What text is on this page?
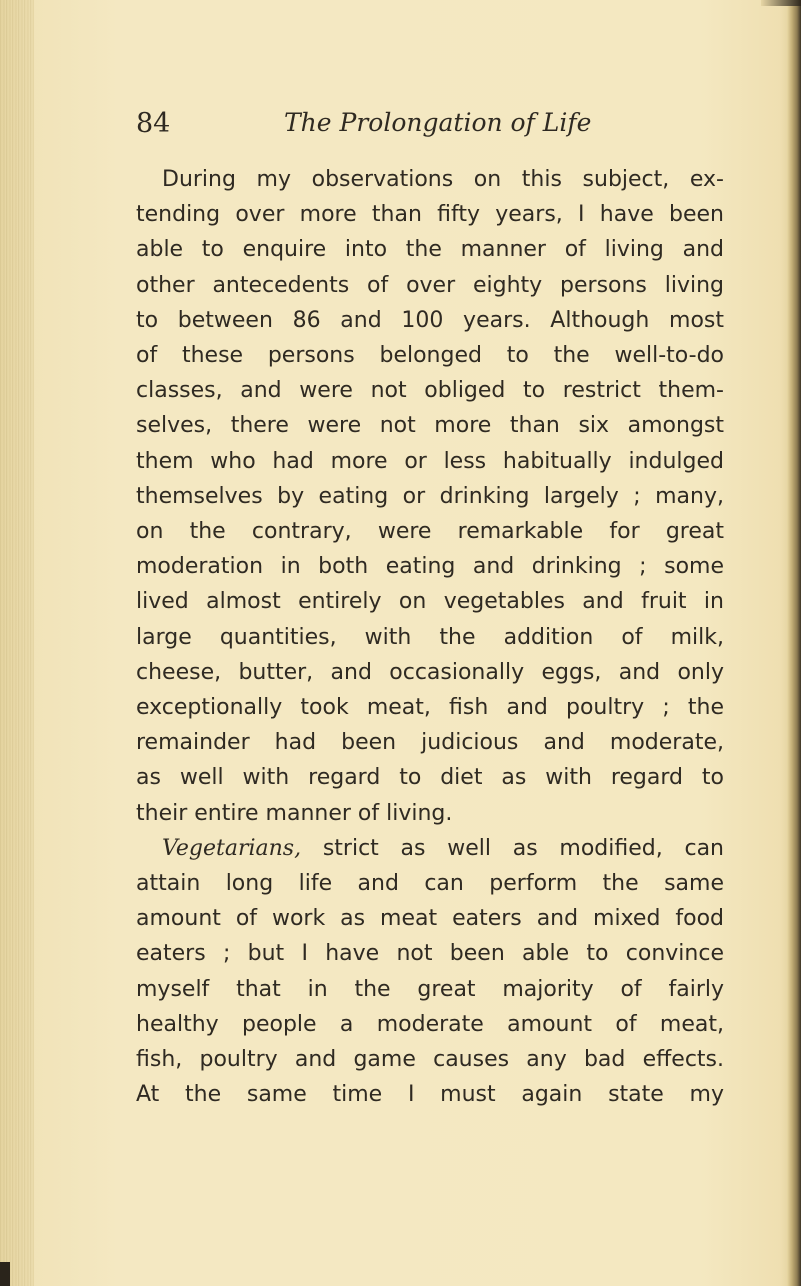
84	The Prolongation of Life

During my observations on this subject, ex-
tending over more than fifty years, I have been
able to enquire into the manner of living and
other antecedents of over eighty persons living
to between 86 and 100 years. Although most
of these persons belonged to the well-to-do
classes, and were not obliged to restrict them-
selves, there were not more than six amongst
them who had more or less habitually indulged
themselves by eating or drinking largely ; many,
on the contrary, were remarkable for great
moderation in both eating and drinking ; some
lived almost entirely on vegetables and fruit in
large quantities, with the addition of milk,
cheese, butter, and occasionally eggs, and only
exceptionally took meat, fish and poultry ; the
remainder had been judicious and moderate,
as well with regard to diet as with regard to
their entire manner of living.

Vegetarians, strict as well as modified, can
attain long life and can perform the same
amount of work as meat eaters and mixed food
eaters ; but I have not been able to convince
myself that in the great majority of fairly
healthy people a moderate amount of meat,
fish, poultry and game causes any bad effects.
At the same time I must again state my
